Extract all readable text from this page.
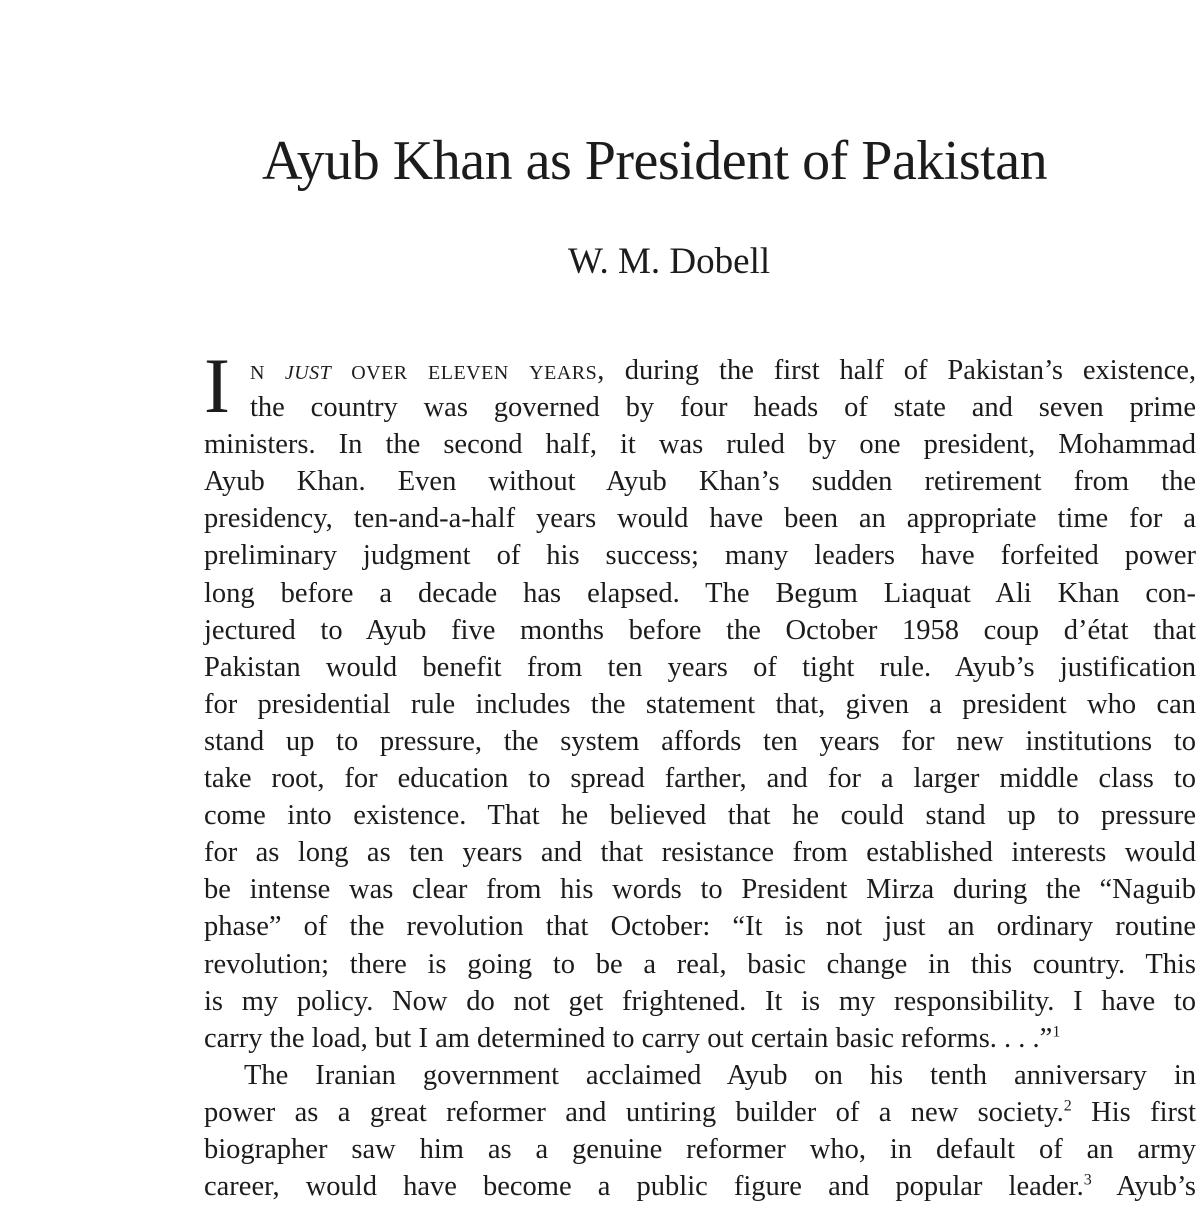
Ayub Khan as President of Pakistan
W. M. Dobell

I n just over eleven years, during the first half of Pakistan’s existence,
the country was governed by four heads of state and seven prime
ministers. In the second half, it was ruled by one president, Mohammad
Ayub Khan. Even without Ayub Khan’s sudden retirement from the
presidency, ten-and-a-half years would have been an appropriate time for a
preliminary judgment of his success; many leaders have forfeited power
long before a decade has elapsed. The Begum Liaquat Ali Khan con-
jectured to Ayub five months before the October 1958 coup d’état that
Pakistan would benefit from ten years of tight rule. Ayub’s justification
for presidential rule includes the statement that, given a president who can
stand up to pressure, the system affords ten years for new institutions to
take root, for education to spread farther, and for a larger middle class to
come into existence. That he believed that he could stand up to pressure
for as long as ten years and that resistance from established interests would
be intense was clear from his words to President Mirza during the “Naguib
phase” of the revolution that October: “It is not just an ordinary routine
revolution; there is going to be a real, basic change in this country. This
is my policy. Now do not get frightened. It is my responsibility. I have to
carry the load, but I am determined to carry out certain basic reforms. . . .”$^1$

The Iranian government acclaimed Ayub on his tenth anniversary in
power as a great reformer and untiring builder of a new society.$^2$ His first
biographer saw him as a genuine reformer who, in default of an army
career, would have become a public figure and popular leader.$^3$ Ayub’s
